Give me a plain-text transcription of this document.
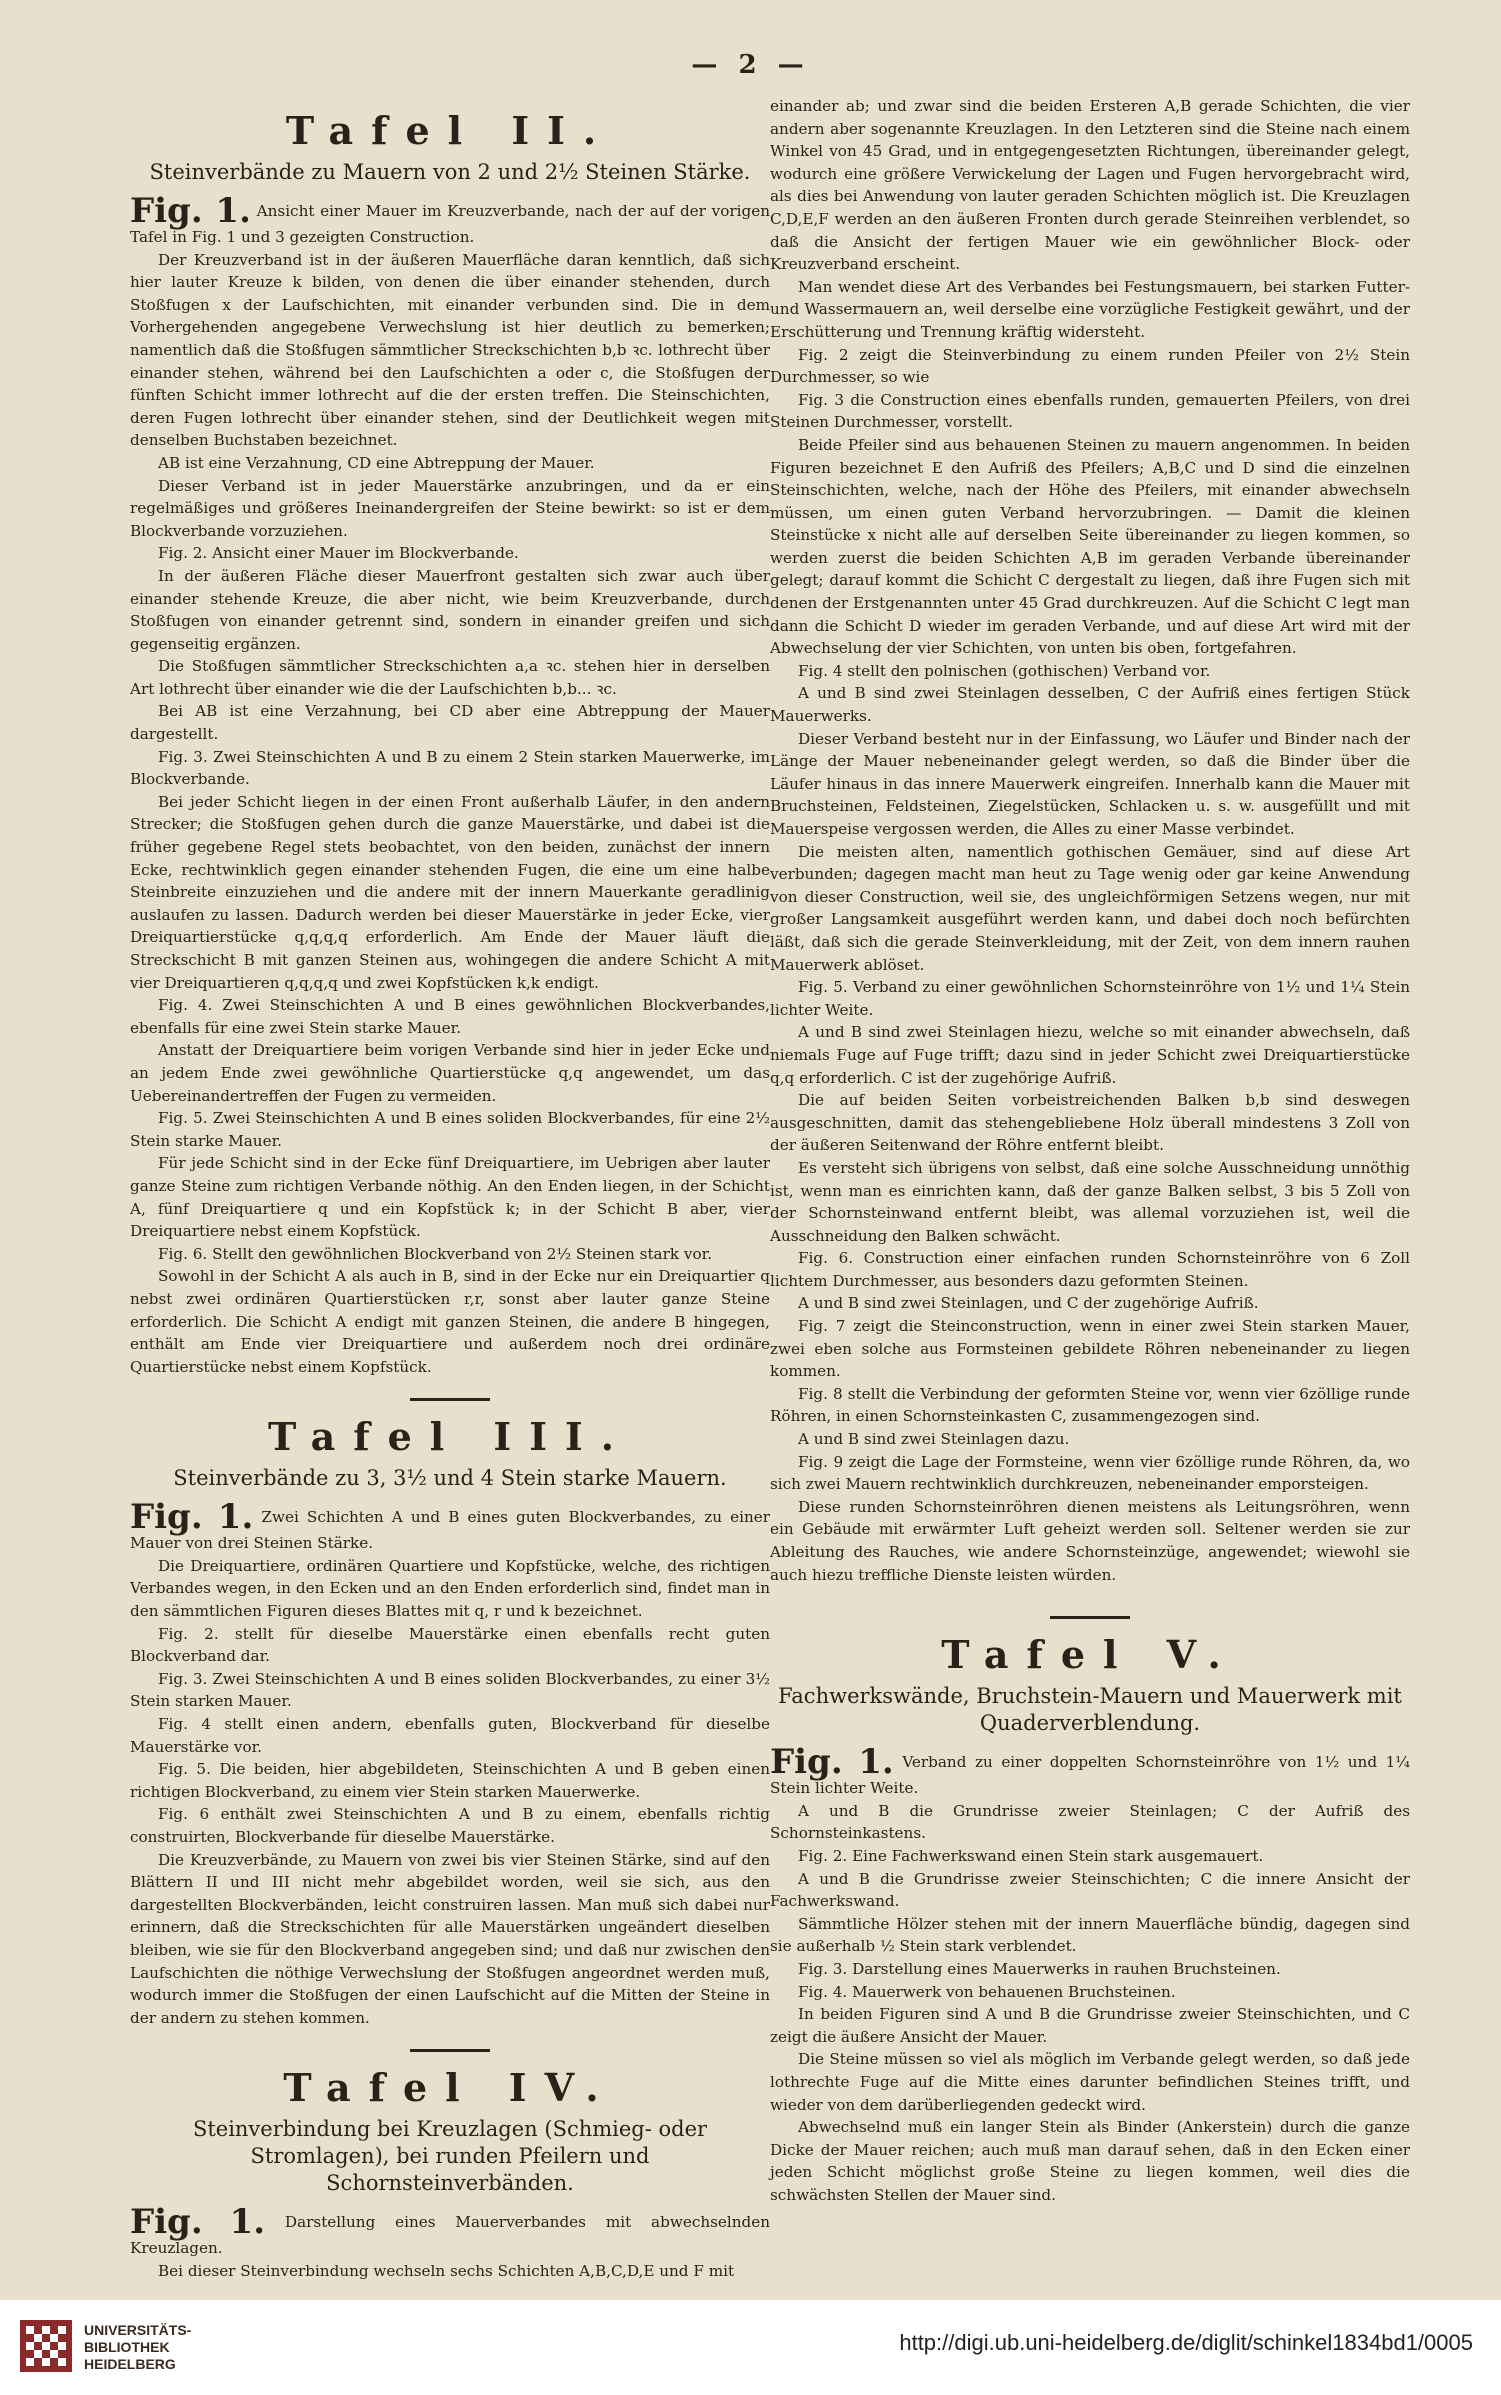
— 2 —
Tafel II.
Steinverbände zu Mauern von 2 und 2½ Steinen Stärke.

Fig. 1. Ansicht einer Mauer im Kreuzverbande, nach der auf der vorigen Tafel in Fig. 1 und 3 gezeigten Construction.

Der Kreuzverband ist in der äußeren Mauerfläche daran kenntlich, daß sich hier lauter Kreuze k bilden, von denen die über einander stehenden, durch Stoßfugen x der Laufschichten, mit einander verbunden sind. Die in dem Vorhergehenden angegebene Verwechslung ist hier deutlich zu bemerken; namentlich daß die Stoßfugen sämmtlicher Streckschichten b,b ꝛc. lothrecht über einander stehen, während bei den Laufschichten a oder c, die Stoßfugen der fünften Schicht immer lothrecht auf die der ersten treffen. Die Steinschichten, deren Fugen lothrecht über einander stehen, sind der Deutlichkeit wegen mit denselben Buchstaben bezeichnet.

AB ist eine Verzahnung, CD eine Abtreppung der Mauer.

Dieser Verband ist in jeder Mauerstärke anzubringen, und da er ein regelmäßiges und größeres Ineinandergreifen der Steine bewirkt: so ist er dem Blockverbande vorzuziehen.

Fig. 2. Ansicht einer Mauer im Blockverbande.

In der äußeren Fläche dieser Mauerfront gestalten sich zwar auch über einander stehende Kreuze, die aber nicht, wie beim Kreuzverbande, durch Stoßfugen von einander getrennt sind, sondern in einander greifen und sich gegenseitig ergänzen.

Die Stoßfugen sämmtlicher Streckschichten a,a ꝛc. stehen hier in derselben Art lothrecht über einander wie die der Laufschichten b,b... ꝛc.

Bei AB ist eine Verzahnung, bei CD aber eine Abtreppung der Mauer dargestellt.

Fig. 3. Zwei Steinschichten A und B zu einem 2 Stein starken Mauerwerke, im Blockverbande.

Bei jeder Schicht liegen in der einen Front außerhalb Läufer, in den andern Strecker; die Stoßfugen gehen durch die ganze Mauerstärke, und dabei ist die früher gegebene Regel stets beobachtet, von den beiden, zunächst der innern Ecke, rechtwinklich gegen einander stehenden Fugen, die eine um eine halbe Steinbreite einzuziehen und die andere mit der innern Mauerkante geradlinig auslaufen zu lassen. Dadurch werden bei dieser Mauerstärke in jeder Ecke, vier Dreiquartierstücke q,q,q,q erforderlich. Am Ende der Mauer läuft die Streckschicht B mit ganzen Steinen aus, wohingegen die andere Schicht A mit vier Dreiquartieren q,q,q,q und zwei Kopfstücken k,k endigt.

Fig. 4. Zwei Steinschichten A und B eines gewöhnlichen Blockverbandes, ebenfalls für eine zwei Stein starke Mauer.

Anstatt der Dreiquartiere beim vorigen Verbande sind hier in jeder Ecke und an jedem Ende zwei gewöhnliche Quartierstücke q,q angewendet, um das Uebereinandertreffen der Fugen zu vermeiden.

Fig. 5. Zwei Steinschichten A und B eines soliden Blockverbandes, für eine 2½ Stein starke Mauer.

Für jede Schicht sind in der Ecke fünf Dreiquartiere, im Uebrigen aber lauter ganze Steine zum richtigen Verbande nöthig. An den Enden liegen, in der Schicht A, fünf Dreiquartiere q und ein Kopfstück k; in der Schicht B aber, vier Dreiquartiere nebst einem Kopfstück.

Fig. 6. Stellt den gewöhnlichen Blockverband von 2½ Steinen stark vor.

Sowohl in der Schicht A als auch in B, sind in der Ecke nur ein Dreiquartier q nebst zwei ordinären Quartierstücken r,r, sonst aber lauter ganze Steine erforderlich. Die Schicht A endigt mit ganzen Steinen, die andere B hingegen, enthält am Ende vier Dreiquartiere und außerdem noch drei ordinäre Quartierstücke nebst einem Kopfstück.

Tafel III.
Steinverbände zu 3, 3½ und 4 Stein starke Mauern.

Fig. 1. Zwei Schichten A und B eines guten Blockverbandes, zu einer Mauer von drei Steinen Stärke.

Die Dreiquartiere, ordinären Quartiere und Kopfstücke, welche, des richtigen Verbandes wegen, in den Ecken und an den Enden erforderlich sind, findet man in den sämmtlichen Figuren dieses Blattes mit q, r und k bezeichnet.

Fig. 2. stellt für dieselbe Mauerstärke einen ebenfalls recht guten Blockverband dar.

Fig. 3. Zwei Steinschichten A und B eines soliden Blockverbandes, zu einer 3½ Stein starken Mauer.

Fig. 4 stellt einen andern, ebenfalls guten, Blockverband für dieselbe Mauerstärke vor.

Fig. 5. Die beiden, hier abgebildeten, Steinschichten A und B geben einen richtigen Blockverband, zu einem vier Stein starken Mauerwerke.

Fig. 6 enthält zwei Steinschichten A und B zu einem, ebenfalls richtig construirten, Blockverbande für dieselbe Mauerstärke.

Die Kreuzverbände, zu Mauern von zwei bis vier Steinen Stärke, sind auf den Blättern II und III nicht mehr abgebildet worden, weil sie sich, aus den dargestellten Blockverbänden, leicht construiren lassen. Man muß sich dabei nur erinnern, daß die Streckschichten für alle Mauerstärken ungeändert dieselben bleiben, wie sie für den Blockverband angegeben sind; und daß nur zwischen den Laufschichten die nöthige Verwechslung der Stoßfugen angeordnet werden muß, wodurch immer die Stoßfugen der einen Laufschicht auf die Mitten der Steine in der andern zu stehen kommen.

Tafel IV.
Steinverbindung bei Kreuzlagen (Schmieg- oder Stromlagen), bei runden Pfeilern und Schornsteinverbänden.

Fig. 1. Darstellung eines Mauerverbandes mit abwechselnden Kreuzlagen.

Bei dieser Steinverbindung wechseln sechs Schichten A,B,C,D,E und F mit

einander ab; und zwar sind die beiden Ersteren A,B gerade Schichten, die vier andern aber sogenannte Kreuzlagen. In den Letzteren sind die Steine nach einem Winkel von 45 Grad, und in entgegengesetzten Richtungen, übereinander gelegt, wodurch eine größere Verwickelung der Lagen und Fugen hervorgebracht wird, als dies bei Anwendung von lauter geraden Schichten möglich ist. Die Kreuzlagen C,D,E,F werden an den äußeren Fronten durch gerade Steinreihen verblendet, so daß die Ansicht der fertigen Mauer wie ein gewöhnlicher Block- oder Kreuzverband erscheint.

Man wendet diese Art des Verbandes bei Festungsmauern, bei starken Futter- und Wassermauern an, weil derselbe eine vorzügliche Festigkeit gewährt, und der Erschütterung und Trennung kräftig widersteht.

Fig. 2 zeigt die Steinverbindung zu einem runden Pfeiler von 2½ Stein Durchmesser, so wie

Fig. 3 die Construction eines ebenfalls runden, gemauerten Pfeilers, von drei Steinen Durchmesser, vorstellt.

Beide Pfeiler sind aus behauenen Steinen zu mauern angenommen. In beiden Figuren bezeichnet E den Aufriß des Pfeilers; A,B,C und D sind die einzelnen Steinschichten, welche, nach der Höhe des Pfeilers, mit einander abwechseln müssen, um einen guten Verband hervorzubringen. — Damit die kleinen Steinstücke x nicht alle auf derselben Seite übereinander zu liegen kommen, so werden zuerst die beiden Schichten A,B im geraden Verbande übereinander gelegt; darauf kommt die Schicht C dergestalt zu liegen, daß ihre Fugen sich mit denen der Erstgenannten unter 45 Grad durchkreuzen. Auf die Schicht C legt man dann die Schicht D wieder im geraden Verbande, und auf diese Art wird mit der Abwechselung der vier Schichten, von unten bis oben, fortgefahren.

Fig. 4 stellt den polnischen (gothischen) Verband vor.

A und B sind zwei Steinlagen desselben, C der Aufriß eines fertigen Stück Mauerwerks.

Dieser Verband besteht nur in der Einfassung, wo Läufer und Binder nach der Länge der Mauer nebeneinander gelegt werden, so daß die Binder über die Läufer hinaus in das innere Mauerwerk eingreifen. Innerhalb kann die Mauer mit Bruchsteinen, Feldsteinen, Ziegelstücken, Schlacken u. s. w. ausgefüllt und mit Mauerspeise vergossen werden, die Alles zu einer Masse verbindet.

Die meisten alten, namentlich gothischen Gemäuer, sind auf diese Art verbunden; dagegen macht man heut zu Tage wenig oder gar keine Anwendung von dieser Construction, weil sie, des ungleichförmigen Setzens wegen, nur mit großer Langsamkeit ausgeführt werden kann, und dabei doch noch befürchten läßt, daß sich die gerade Steinverkleidung, mit der Zeit, von dem innern rauhen Mauerwerk ablöset.

Fig. 5. Verband zu einer gewöhnlichen Schornsteinröhre von 1½ und 1¼ Stein lichter Weite.

A und B sind zwei Steinlagen hiezu, welche so mit einander abwechseln, daß niemals Fuge auf Fuge trifft; dazu sind in jeder Schicht zwei Dreiquartierstücke q,q erforderlich. C ist der zugehörige Aufriß.

Die auf beiden Seiten vorbeistreichenden Balken b,b sind deswegen ausgeschnitten, damit das stehengebliebene Holz überall mindestens 3 Zoll von der äußeren Seitenwand der Röhre entfernt bleibt.

Es versteht sich übrigens von selbst, daß eine solche Ausschneidung unnöthig ist, wenn man es einrichten kann, daß der ganze Balken selbst, 3 bis 5 Zoll von der Schornsteinwand entfernt bleibt, was allemal vorzuziehen ist, weil die Ausschneidung den Balken schwächt.

Fig. 6. Construction einer einfachen runden Schornsteinröhre von 6 Zoll lichtem Durchmesser, aus besonders dazu geformten Steinen.

A und B sind zwei Steinlagen, und C der zugehörige Aufriß.

Fig. 7 zeigt die Steinconstruction, wenn in einer zwei Stein starken Mauer, zwei eben solche aus Formsteinen gebildete Röhren nebeneinander zu liegen kommen.

Fig. 8 stellt die Verbindung der geformten Steine vor, wenn vier 6zöllige runde Röhren, in einen Schornsteinkasten C, zusammengezogen sind.

A und B sind zwei Steinlagen dazu.

Fig. 9 zeigt die Lage der Formsteine, wenn vier 6zöllige runde Röhren, da, wo sich zwei Mauern rechtwinklich durchkreuzen, nebeneinander emporsteigen.

Diese runden Schornsteinröhren dienen meistens als Leitungsröhren, wenn ein Gebäude mit erwärmter Luft geheizt werden soll. Seltener werden sie zur Ableitung des Rauches, wie andere Schornsteinzüge, angewendet; wiewohl sie auch hiezu treffliche Dienste leisten würden.

Tafel V.
Fachwerkswände, Bruchstein-Mauern und Mauerwerk mit Quaderverblendung.

Fig. 1. Verband zu einer doppelten Schornsteinröhre von 1½ und 1¼ Stein lichter Weite.

A und B die Grundrisse zweier Steinlagen; C der Aufriß des Schornsteinkastens.

Fig. 2. Eine Fachwerkswand einen Stein stark ausgemauert.

A und B die Grundrisse zweier Steinschichten; C die innere Ansicht der Fachwerkswand.

Sämmtliche Hölzer stehen mit der innern Mauerfläche bündig, dagegen sind sie außerhalb ½ Stein stark verblendet.

Fig. 3. Darstellung eines Mauerwerks in rauhen Bruchsteinen.

Fig. 4. Mauerwerk von behauenen Bruchsteinen.

In beiden Figuren sind A und B die Grundrisse zweier Steinschichten, und C zeigt die äußere Ansicht der Mauer.

Die Steine müssen so viel als möglich im Verbande gelegt werden, so daß jede lothrechte Fuge auf die Mitte eines darunter befindlichen Steines trifft, und wieder von dem darüberliegenden gedeckt wird.

Abwechselnd muß ein langer Stein als Binder (Ankerstein) durch die ganze Dicke der Mauer reichen; auch muß man darauf sehen, daß in den Ecken einer jeden Schicht möglichst große Steine zu liegen kommen, weil dies die schwächsten Stellen der Mauer sind.

UNIVERSITÄTS-
BIBLIOTHEK
HEIDELBERG
http://digi.ub.uni-heidelberg.de/diglit/schinkel1834bd1/0005
